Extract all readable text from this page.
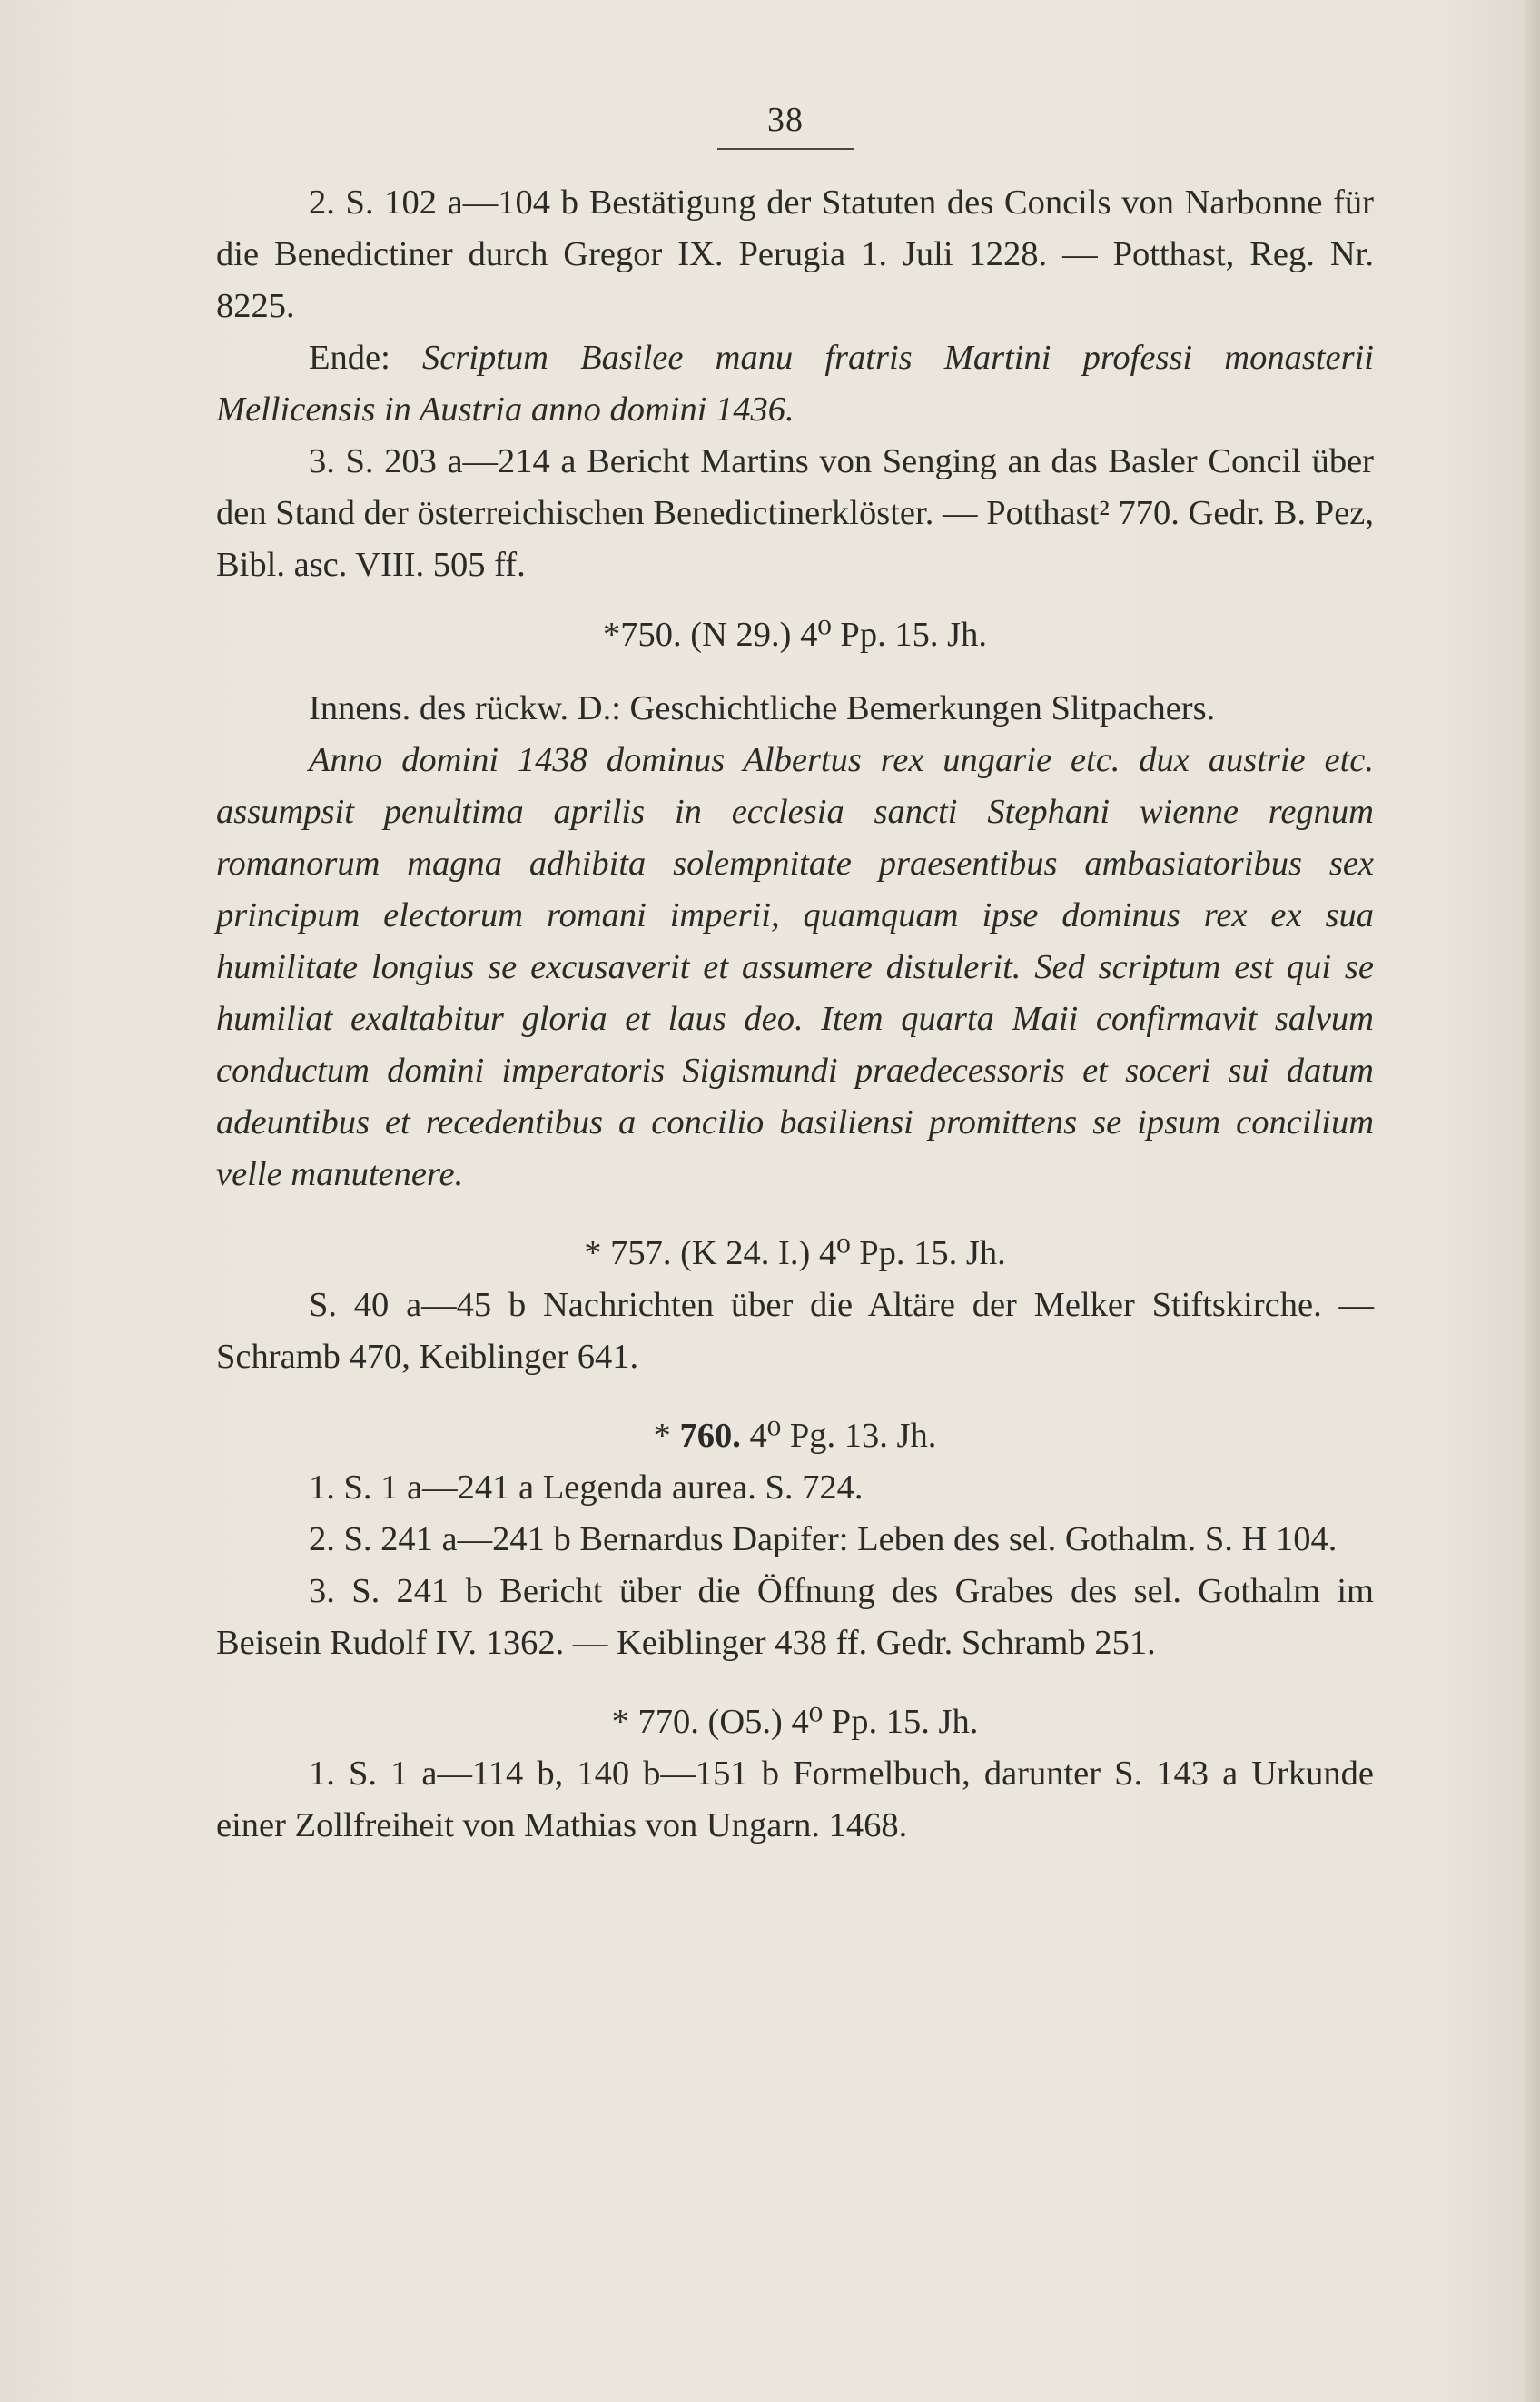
38

2. S. 102 a—104 b Bestätigung der Statuten des Concils von Narbonne für die Benedictiner durch Gregor IX. Perugia 1. Juli 1228. — Potthast, Reg. Nr. 8225.

Ende: Scriptum Basilee manu fratris Martini professi monasterii Mellicensis in Austria anno domini 1436.

3. S. 203 a—214 a Bericht Martins von Senging an das Basler Concil über den Stand der österreichischen Benedictinerklöster. — Potthast² 770. Gedr. B. Pez, Bibl. asc. VIII. 505 ff.

*750. (N 29.) 4⁰ Pp. 15. Jh.

Innens. des rückw. D.: Geschichtliche Bemerkungen Slitpachers.

Anno domini 1438 dominus Albertus rex ungarie etc. dux austrie etc. assumpsit penultima aprilis in ecclesia sancti Stephani wienne regnum romanorum magna adhibita solempnitate praesentibus ambasiatoribus sex principum electorum romani imperii, quamquam ipse dominus rex ex sua humilitate longius se excusaverit et assumere distulerit. Sed scriptum est qui se humiliat exaltabitur gloria et laus deo. Item quarta Maii confirmavit salvum conductum domini imperatoris Sigismundi praedecessoris et soceri sui datum adeuntibus et recedentibus a concilio basiliensi promittens se ipsum concilium velle manutenere.

* 757. (K 24. I.) 4⁰ Pp. 15. Jh.

S. 40 a—45 b Nachrichten über die Altäre der Melker Stiftskirche. — Schramb 470, Keiblinger 641.

* 760. 4⁰ Pg. 13. Jh.

1. S. 1 a—241 a Legenda aurea. S. 724.

2. S. 241 a—241 b Bernardus Dapifer: Leben des sel. Gothalm. S. H 104.

3. S. 241 b Bericht über die Öffnung des Grabes des sel. Gothalm im Beisein Rudolf IV. 1362. — Keiblinger 438 ff. Gedr. Schramb 251.

* 770. (O5.) 4⁰ Pp. 15. Jh.

1. S. 1 a—114 b, 140 b—151 b Formelbuch, darunter S. 143 a Urkunde einer Zollfreiheit von Mathias von Ungarn. 1468.
